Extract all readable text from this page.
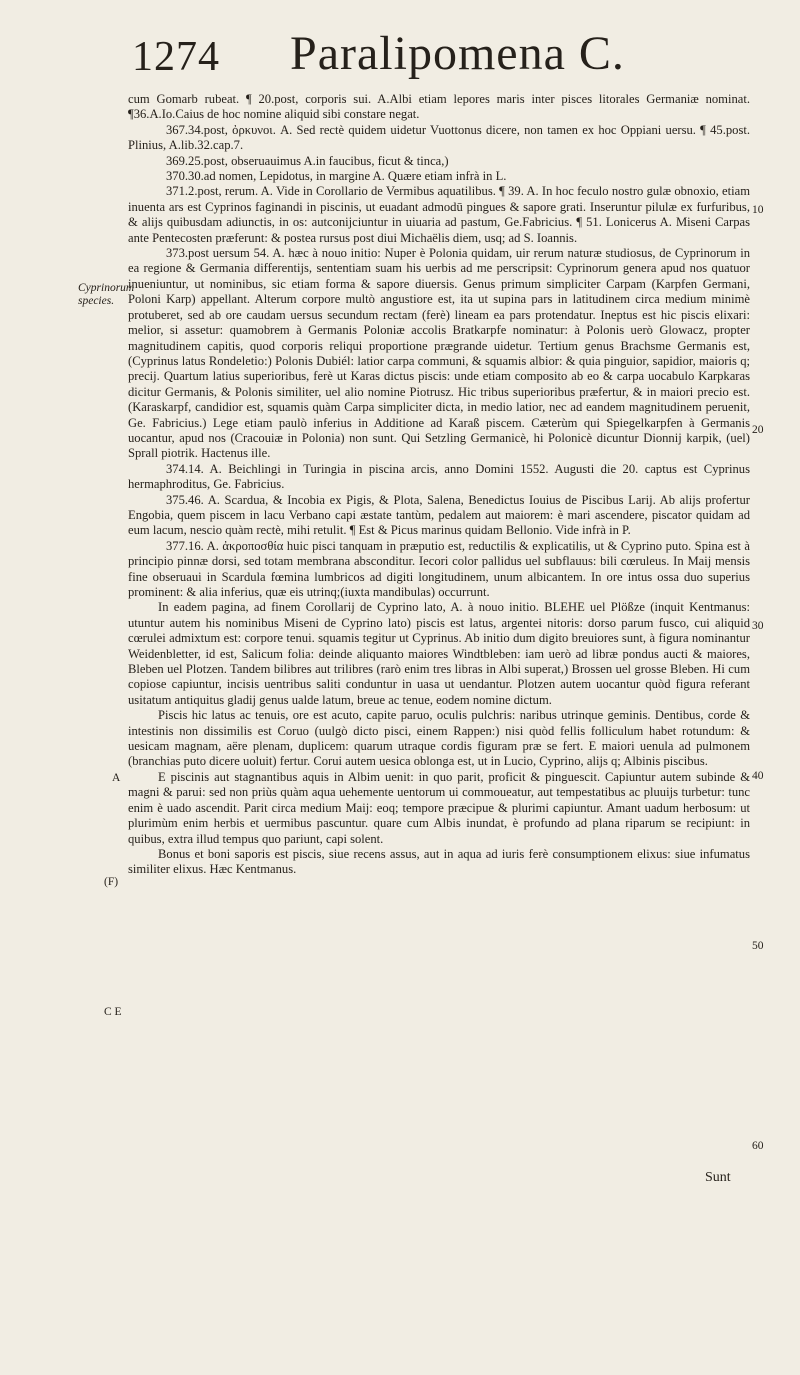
1274 Paralipomena C.

cum Gomarb rubeat. ¶ 20.post, corporis sui. A.Albi etiam lepores maris inter pisces litorales Germaniæ nominat. ¶36.A.Io.Caius de hoc nomine aliquid sibi constare negat.

367.34.post, ὀρκυνοι. A. Sed rectè quidem uidetur Vuottonus dicere, non tamen ex hoc Oppiani uersu. ¶ 45.post. Plinius, A.lib.32.cap.7.

369.25.post, obseruauimus A.in faucibus, ficut & tinca,)

370.30.ad nomen, Lepidotus, in margine A. Quære etiam infrà in L.

371.2.post, rerum. A. Vide in Corollario de Vermibus aquatilibus. ¶ 39. A. In hoc feculo nostro gulæ obnoxio, etiam inuenta ars est Cyprinos faginandi in piscinis, ut euadant admodū pingues & sapore grati. Inseruntur pilulæ ex furfuribus, & alijs quibusdam adiunctis, in os: autconijciuntur in uiuaria ad pastum, Ge.Fabricius. ¶ 51. Lonicerus A. Miseni Carpas ante Pentecosten præferunt: & postea rursus post diui Michaëlis diem, usq; ad S. Ioannis.

373.post uersum 54. A. hæc à nouo initio: Nuper è Polonia quidam, uir rerum naturæ studiosus, de Cyprinorum in ea regione & Germania differentijs, sententiam suam his uerbis ad me perscripsit: Cyprinorum genera apud nos quatuor inueniuntur, ut nominibus, sic etiam forma & sapore diuersis. Genus primum simpliciter Carpam (Karpfen Germani, Poloni Karp) appellant. Alterum corpore multò angustiore est, ita ut supina pars in latitudinem circa medium minimè protuberet, sed ab ore caudam uersus secundum rectam (ferè) lineam ea pars protendatur. Ineptus est hic piscis elixari: melior, si assetur: quamobrem à Germanis Poloniæ accolis Bratkarpfe nominatur: à Polonis uerò Glowacz, propter magnitudinem capitis, quod corporis reliqui proportione prægrande uidetur. Tertium genus Brachsme Germanis est, (Cyprinus latus Rondeletio:) Polonis Dubiél: latior carpa communi, & squamis albior: & quia pinguior, sapidior, maioris q; precij. Quartum latius superioribus, ferè ut Karas dictus piscis: unde etiam composito ab eo & carpa uocabulo Karpkaras dicitur Germanis, & Polonis similiter, uel alio nomine Piotrusz. Hic tribus superioribus præfertur, & in maiori precio est. (Karaskarpf, candidior est, squamis quàm Carpa simpliciter dicta, in medio latior, nec ad eandem magnitudinem peruenit, Ge. Fabricius.) Lege etiam paulò inferius in Additione ad Karaß piscem. Cæterùm qui Spiegelkarpfen à Germanis uocantur, apud nos (Cracouiæ in Polonia) non sunt. Qui Setzling Germanicè, hi Polonicè dicuntur Dionnij karpik, (uel) Sprall piotrik. Hactenus ille.

374.14. A. Beichlingi in Turingia in piscina arcis, anno Domini 1552. Augusti die 20. captus est Cyprinus hermaphroditus, Ge. Fabricius.

375.46. A. Scardua, & Incobia ex Pigis, & Plota, Salena, Benedictus Iouius de Piscibus Larij. Ab alijs profertur Engobia, quem piscem in lacu Verbano capi æstate tantùm, pedalem aut maiorem: è mari ascendere, piscator quidam ad eum lacum, nescio quàm rectè, mihi retulit. ¶ Est & Picus marinus quidam Bellonio. Vide infrà in P.

377.16. A. ἀκροποσθία huic pisci tanquam in præputio est, reductilis & explicatilis, ut & Cyprino puto. Spina est à principio pinnæ dorsi, sed totam membrana absconditur. Iecori color pallidus uel subflauus: bili cœruleus. In Maij mensis fine obseruaui in Scardula fœmina lumbricos ad digiti longitudinem, unum albicantem. In ore intus ossa duo superius prominent: & alia inferius, quæ eis utrinq;(iuxta mandibulas) occurrunt.

In eadem pagina, ad finem Corollarij de Cyprino lato, A. à nouo initio. BLEHE uel Plößze (inquit Kentmanus: utuntur autem his nominibus Miseni de Cyprino lato) piscis est latus, argentei nitoris: dorso parum fusco, cui aliquid cœrulei admixtum est: corpore tenui. squamis tegitur ut Cyprinus. Ab initio dum digito breuiores sunt, à figura nominantur Weidenbletter, id est, Salicum folia: deinde aliquanto maiores Windtbleben: iam uerò ad libræ pondus aucti & maiores, Bleben uel Plotzen. Tandem bilibres aut trilibres (rarò enim tres libras in Albi superat,) Brossen uel grosse Bleben. Hi cum copiose capiuntur, incisis uentribus saliti conduntur in uasa ut uendantur. Plotzen autem uocantur quòd figura referant usitatum antiquitus gladij genus ualde latum, breue ac tenue, eodem nomine dictum.

Piscis hic latus ac tenuis, ore est acuto, capite paruo, oculis pulchris: naribus utrinque geminis. Dentibus, corde & intestinis non dissimilis est Coruo (uulgò dicto pisci, einem Rappen:) nisi quòd fellis folliculum habet rotundum: & uesicam magnam, aëre plenam, duplicem: quarum utraque cordis figuram præ se fert. E maiori uenula ad pulmonem (branchias puto dicere uoluit) fertur. Corui autem uesica oblonga est, ut in Lucio, Cyprino, alijs q; Albinis piscibus.

E piscinis aut stagnantibus aquis in Albim uenit: in quo parit, proficit & pinguescit. Capiuntur autem subinde & magni & parui: sed non priùs quàm aqua uehemente uentorum ui commoueatur, aut tempestatibus ac pluuijs turbetur: tunc enim è uado ascendit. Parit circa medium Maij: eoq; tempore præcipue & plurimi capiuntur. Amant uadum herbosum: ut plurimùm enim herbis et uermibus pascuntur. quare cum Albis inundat, è profundo ad plana riparum se recipiunt: in quibus, extra illud tempus quo pariunt, capi solent.

Bonus et boni saporis est piscis, siue recens assus, aut in aqua ad iuris ferè consumptionem elixus: siue infumatus similiter elixus. Hæc Kentmanus.

Cyprinorum species.
A
(F)
C E
10
20
30
40
50
60
Sunt
